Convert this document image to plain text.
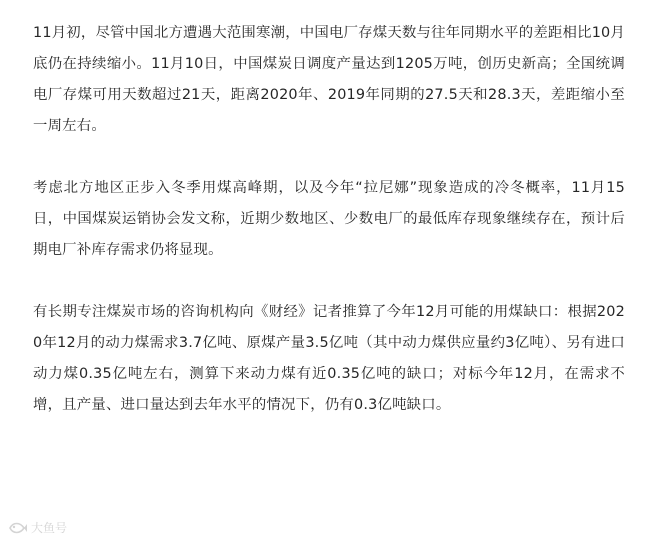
11月初，尽管中国北方遭遇大范围寒潮，中国电厂存煤天数与往年同期水平的差距相比10月底仍在持续缩小。11月10日，中国煤炭日调度产量达到1205万吨，创历史新高；全国统调电厂存煤可用天数超过21天，距离2020年、2019年同期的27.5天和28.3天，差距缩小至一周左右。

考虑北方地区正步入冬季用煤高峰期，以及今年“拉尼娜”现象造成的冷冬概率，11月15日，中国煤炭运销协会发文称，近期少数地区、少数电厂的最低库存现象继续存在，预计后期电厂补库存需求仍将显现。

有长期专注煤炭市场的咨询机构向《财经》记者推算了今年12月可能的用煤缺口：根据2020年12月的动力煤需求3.7亿吨、原煤产量3.5亿吨（其中动力煤供应量约3亿吨）、另有进口动力煤0.35亿吨左右，测算下来动力煤有近0.35亿吨的缺口；对标今年12月，在需求不增，且产量、进口量达到去年水平的情况下，仍有0.3亿吨缺口。

大鱼号
